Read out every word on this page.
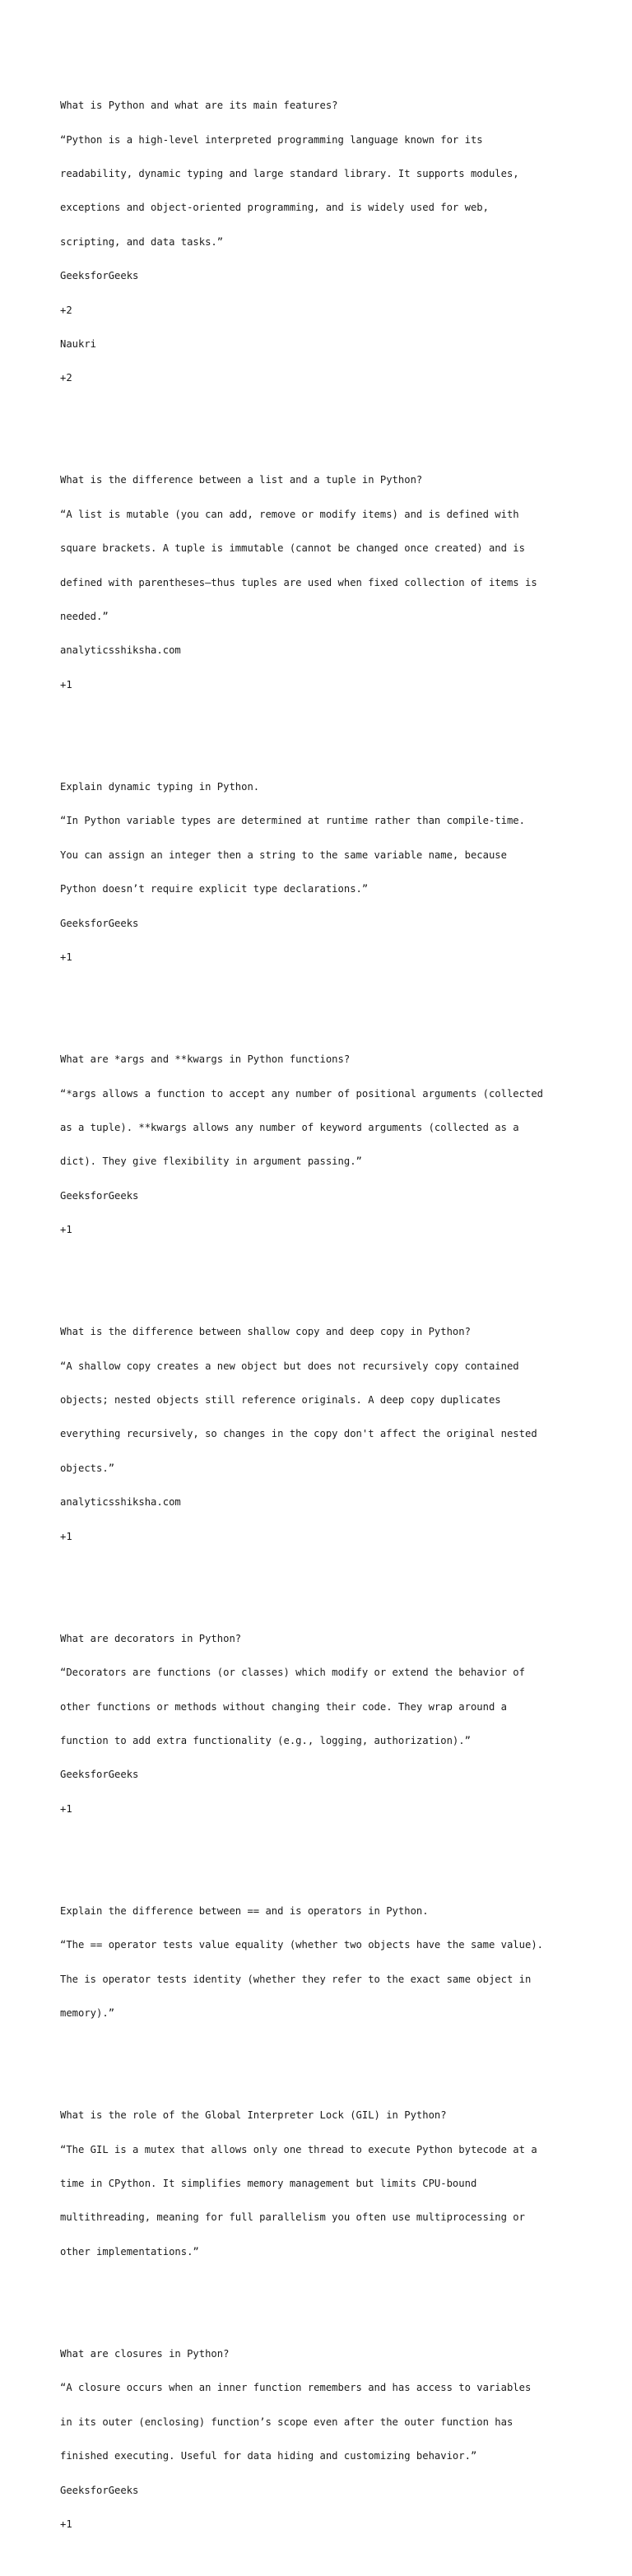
What is Python and what are its main features?

“Python is a high-level interpreted programming language known for its

readability, dynamic typing and large standard library. It supports modules,

exceptions and object-oriented programming, and is widely used for web,

scripting, and data tasks.”

GeeksforGeeks

+2

Naukri

+2

What is the difference between a list and a tuple in Python?

“A list is mutable (you can add, remove or modify items) and is defined with

square brackets. A tuple is immutable (cannot be changed once created) and is

defined with parentheses—thus tuples are used when fixed collection of items is

needed.”

analyticsshiksha.com

+1

Explain dynamic typing in Python.

“In Python variable types are determined at runtime rather than compile-time.

You can assign an integer then a string to the same variable name, because

Python doesn’t require explicit type declarations.”

GeeksforGeeks

+1

What are *args and **kwargs in Python functions?

“*args allows a function to accept any number of positional arguments (collected

as a tuple). **kwargs allows any number of keyword arguments (collected as a

dict). They give flexibility in argument passing.”

GeeksforGeeks

+1

What is the difference between shallow copy and deep copy in Python?

“A shallow copy creates a new object but does not recursively copy contained

objects; nested objects still reference originals. A deep copy duplicates

everything recursively, so changes in the copy don't affect the original nested

objects.”

analyticsshiksha.com

+1

What are decorators in Python?

“Decorators are functions (or classes) which modify or extend the behavior of

other functions or methods without changing their code. They wrap around a

function to add extra functionality (e.g., logging, authorization).”

GeeksforGeeks

+1

Explain the difference between == and is operators in Python.

“The == operator tests value equality (whether two objects have the same value).

The is operator tests identity (whether they refer to the exact same object in

memory).”

What is the role of the Global Interpreter Lock (GIL) in Python?

“The GIL is a mutex that allows only one thread to execute Python bytecode at a

time in CPython. It simplifies memory management but limits CPU-bound

multithreading, meaning for full parallelism you often use multiprocessing or

other implementations.”

What are closures in Python?

“A closure occurs when an inner function remembers and has access to variables

in its outer (enclosing) function’s scope even after the outer function has

finished executing. Useful for data hiding and customizing behavior.”

GeeksforGeeks

+1
